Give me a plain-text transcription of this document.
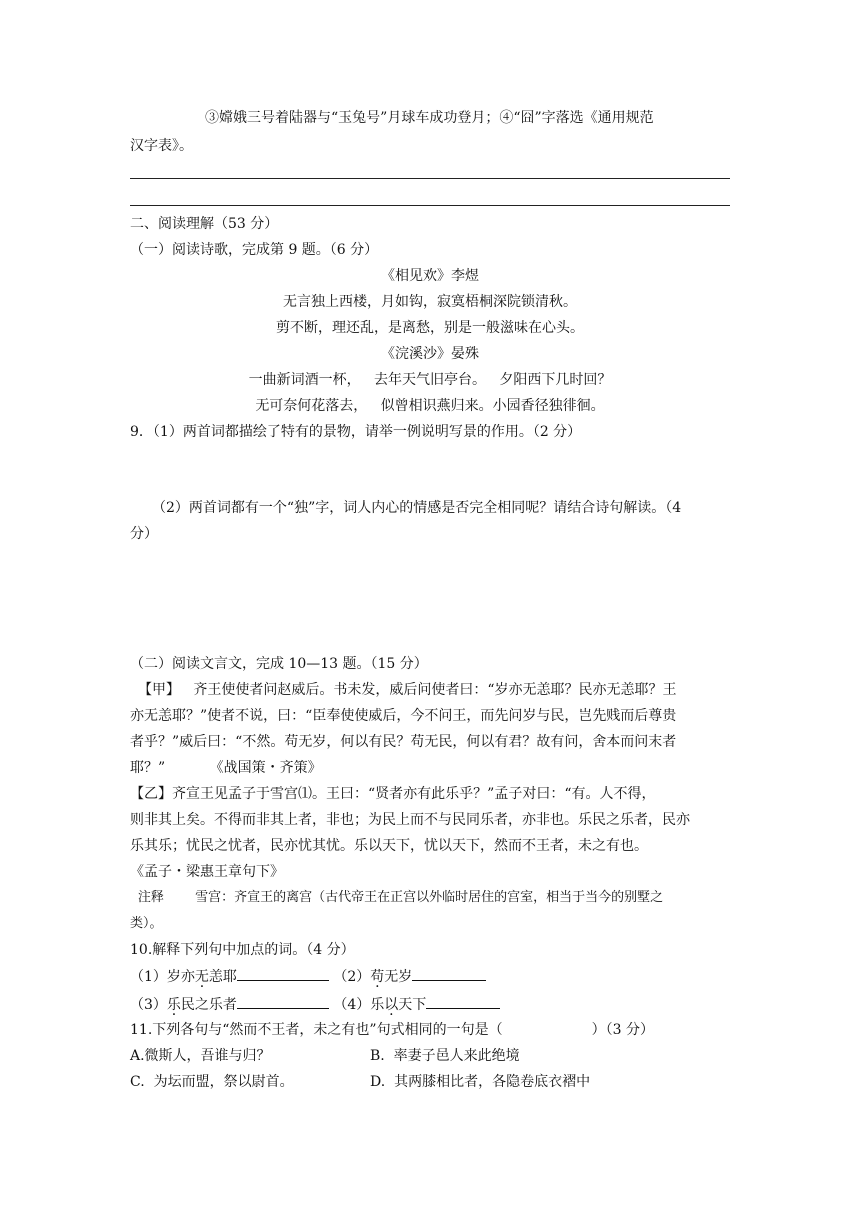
③嫦娥三号着陆器与“玉兔号”月球车成功登月；④“囧”字落选《通用规范
汉字表》。
二、阅读理解（53 分）
（一）阅读诗歌，完成第 9 题。（6 分）
《相见欢》李煜
无言独上西楼，月如钩，寂寞梧桐深院锁清秋。
剪不断，理还乱，是离愁，别是一般滋味在心头。
《浣溪沙》晏殊
一曲新词酒一杯，   去年天气旧亭台。   夕阳西下几时回？
无可奈何花落去，   似曾相识燕归来。小园香径独徘徊。
9．（1）两首词都描绘了特有的景物，请举一例说明写景的作用。（2 分）
（2）两首词都有一个“独”字，词人内心的情感是否完全相同呢？请结合诗句解读。（4
分）
（二）阅读文言文，完成 10—13 题。（15 分）
【甲】   齐王使使者问赵威后。书未发，威后问使者曰：“岁亦无恙耶？民亦无恙耶？王
亦无恙耶？”使者不说，曰：“臣奉使使威后，今不问王，而先问岁与民，岂先贱而后尊贵
者乎？”威后曰：“不然。苟无岁，何以有民？苟无民，何以有君？故有问，舍本而问末者
耶？”          《战国策・齐策》
【乙】齐宣王见孟子于雪宫⑴。王曰：“贤者亦有此乐乎？”孟子对曰：“有。人不得，
则非其上矣。不得而非其上者，非也；为民上而不与民同乐者，亦非也。乐民之乐者，民亦
乐其乐；忧民之忧者，民亦忧其忧。乐以天下，忧以天下，然而不王者，未之有也。
《孟子・梁惠王章句下》
注释    雪宫：齐宣王的离宫（古代帝王在正宫以外临时居住的宫室，相当于当今的别墅之
类）。
10.解释下列句中加点的词。（4 分）
（1）岁亦无恙耶	（2）苟无岁
（3）乐民之乐者	（4）乐以天下
11.下列各句与“然而不王者，未之有也”句式相同的一句是（                    ）（3 分）
A.微斯人，吾谁与归？	B.  率妻子邑人来此绝境
C.  为坛而盟，祭以尉首。	D.  其两膝相比者，各隐卷底衣褶中
